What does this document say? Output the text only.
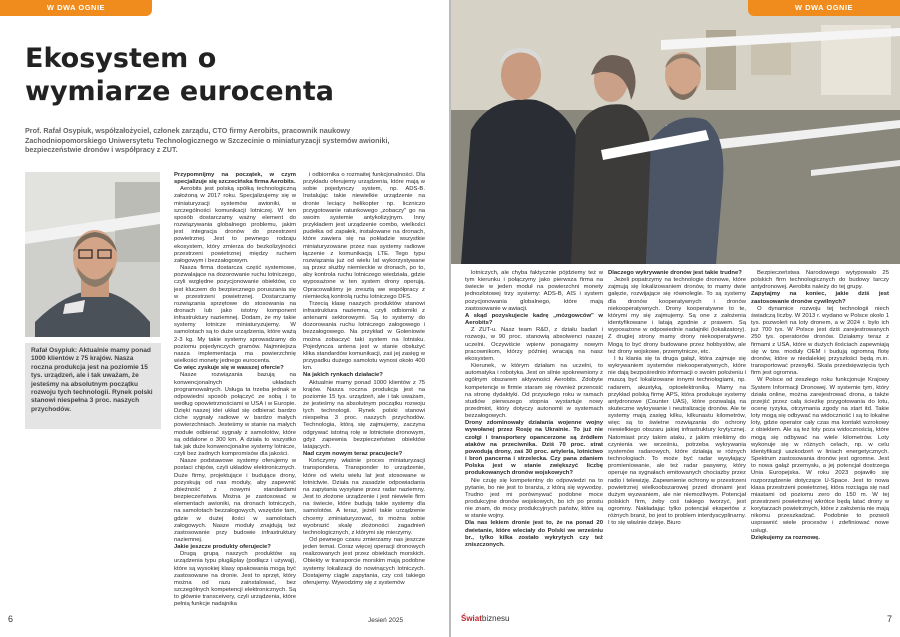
W DWA OGNIE
Ekosystem o wymiarze eurocenta
Prof. Rafał Osypiuk, współzałożyciel, członek zarządu, CTO firmy Aerobits, pracownik naukowy Zachodniopomorskiego Uniwersytetu Technologicznego w Szczecinie o miniaturyzacji systemów awioniki, bezpieczeństwie dronów i współpracy z ZUT.
Rafał Osypiuk: Aktualnie mamy ponad 1000 klientów z 75 krajów. Nasza roczna produkcja jest na poziomie 15 tys. urządzeń, ale i tak uważam, że jesteśmy na absolutnym początku rozwoju tych technologii. Rynek polski stanowi niespełna 3 proc. naszych przychodów.

Przypomnijmy na początek, w czym specjalizuje się szczecińska firma Aerobits.

Aerobits jest polską spółką technologiczną założoną w 2017 roku. Specjalizujemy się w miniaturyzacji systemów awioniki, w szczególności komunikacji lotniczej. W ten sposób dostarczamy ważny element do rozwiązywania globalnego problemu, jakim jest integracja dronów do przestrzeni powietrznej. Jest to pewnego rodzaju ekosystem, który zmierza do bezkolizyjności przestrzeni powietrznej między ruchem załogowym i bezzałogowym.

Nasza firma dostarcza część systemowe, pozwalające na dozorowanie ruchu lotniczego, czyli względne pozycjonowanie obiektów, co jest kluczem do bezpiecznego poruszania się w przestrzeni powietrznej. Dostarczamy rozwiązania sprzętowe do stosowania na dronach lub jako istotny komponent infrastruktury naziemnej. Dodam, że my takie systemy lotnicze miniaturyzujemy. W samolotach są to duże urządzenia, które ważą 2-3 kg. My takie systemy sprowadzamy do poziomu pojedynczych gramów. Najmniejsza nasza implementacja ma powierzchnię wielkości monety jednego eurocenta.

Co więc zyskuje się w wasszej ofercie?

Nasze rozwiązania bazują na konwencjonalnych układach programowalnych. Usługa ta trzeba jednak w odpowiedni sposób połączyć ze sobą i to według opowietrznościami w USA i w Europie. Dzięki naszej idei układ się odbierać bardzo ciche sygnały radiowe w bardzo małych powierzchniach. Jesteśmy w stanie na małych modułe odbierać sygnały z samolotów, które są oddalone o 300 km. A działa to wszystko tak jak duże konwencjonalne systemy lotnicze, czyli bez żadnych kompromisów dla jakości.

Nasze podstawowe systemy oferujemy w postaci chipów, czyli układów elektronicznych. Duże firmy, projektujące i budujące drony, pozyskują od nas moduły, aby zapewnić zbieżność z nowymi standardami bezpieczeństwa. Można je zastosować w elementach awioniki, na dronach lotniczych, na samolotach bezzałogowych, wszędzie tam, gdzie w dużej ilości w samolotach załogowych. Nasze moduły znajdują też zastosowanie przy budowie infrastruktury naziemnej.

Jakie jeszcze produkty oferujecie?

Drugą grupą naszych produktów są urządzenia typu plug&play (podłącz i używaj), które są wysokiej klasy opakowania mogą być zastosowane na dronie. Jest to sprzęt, który można od razu zainstalować, bez szczególnych kompetencji elektronicznych. Są to głównie transceivery, czyli urządzenia, które pełnią funkcje nadajnika

i odbiornika o rozmaitej funkcjonalności. Dla przykładu oferujemy urządzenia, które mają w sobie pojedynczy system, np. ADS-B. Instalując takie niewielkie urządzenie na dronie leciący helikopter np. liczniczo przygotowanie ratunkowego „zobaczy" go na swoim systemie antykolizyjnym. Inny przykładem jest urządzenie combo, wielkości pudełka od zapałek, instalowane na dronach, które zawiera się na pokładzie wszystkie miniaturyzowane przez nas systemy radiowe łączenie z komunikacją LTE. Tego typu rozwiązania już od wielu lat wykorzystywane są przez służby niemieckie w dronach, po to, aby kontrola ruchu lotniczego wiedziała, gdzie wyposażone w ten system drony operują. Opracowaliśmy je zresztą we współpracy z niemiecką kontrolą ruchu lotniczego DFS.

Trzecią klasę naszych produktów stanowi infrastruktura naziemna, czyli odbiorniki z antenami sektorowymi. Są to systemy do dozorowania ruchu lotniczego załogowego i bezzałogowego. Na przykład w Goleniowie można zobaczyć taki system na lotnisku. Pojedyncza antena jest w stanie obsłużyć klika standardów komunikacji, zaś jej zasięg w przypadku dużego samolotu wynosi około 400 km.

Na jakich rynkach działacie?

Aktualnie mamy ponad 1000 klientów z 75 krajów. Nasza roczna produkcja jest na poziomie 15 tys. urządzeń, ale i tak uważam, że jesteśmy na absolutnym początku rozwoju tych technologii. Rynek polski stanowi niespełna 3 proc. naszych przychodów. Technologia, którą się zajmujemy, zaczyna odgrywać istotną rolę w lotnictwie dronowym, gdyż zapewnia bezpieczeństwo obiektów latających.

Nad czym nowym teraz pracujecie?

Kończymy właśnie proces miniaturyzacji transpondera. Transponder to urządzenie, które od wielu wielu lat jest stosowane w lotnictwie. Działa na zasadzie odpowiadania na zapytania wysyłane przez radar naziemny. Jest to złożone urządzenie i jest niewiele firm na świecie, które budują takie systemy dla samolotów. A teraz, jeżeli takie urządzenie chcemy zminiaturyzować, to można sobie wyobrazić skalę złożoności zagadnień technologicznych, z którymi się mierzymy.

Od pewnego czasu zmierzamy nas jeszcze jeden temat. Coraz więcej operacji dronowych realizowanych jest przez obiektach morskich. Obiekty w transporcie morskim mają podobne systemy lokalizacji do nowinących lotniczych. Dostajemy ciągle zapytania, czy coś takiego oferujemy. Wywodzimy się z systemów

6	Jesień 2025
W DWA OGNIE

lotniczych, ale chyba faktycznie pójdziemy też w tym kierunku i połączymy jako pierwsza firma na świecie w jeden moduł na powierzchni monety jednozłotowej trzy systemy: ADS-B, AIS i system pozycjonowania globalnego, które mają zastosowanie w awiacji.

A skąd pozyskujecie kadrę „mózgowców" w Aerobits?

Z ZUT-u. Nasz team R&D, z działu badań i rozwoju, w 90 proc. stanowią absolwenci naszej uczelni. Oczywiście wpierw ponagamy nowym pracownikom, którzy później wracają na nasz ekosystem.

Kierunek, w którym działam na uczelni, to automatyka i robotyka. Jest on silnie spokrewniony z ogólnym obszarem aktywności Aerobits. Zdobyte kompetencje w firmie staram się również przenosić na stronę dydaktyki. Od przyszłego roku w ramach studiów pierwszego stopnia wystartuje nowy przedmiot, który dotyczy autonomii w systemach bezzałogowych.

Drony zdominowały działania wojenne wojny wywołanej przez Rosję na Ukrainie. To już nie czołgi i transportery opancerzone są źródłem ataków na przeciwnika. Dziś 70 proc. strat powodują drony, zaś 30 proc. artyleria, lotnictwo i broń pancerna i strzelecka. Czy pana zdaniem Polska jest w stanie zwiększyć liczbę produkowanych dronów wojskowych?

Nie czuję się kompetentny do odpowiedzi na to pytanie, bo nie jest to branża, z którą się wywodzę. Trudno jest mi porównywać podobne moce produkcyjne dronów wojskowych, bo ich po prostu nie znam, do mocy produkcyjnych państw, które są w stanie wojny.

Dla nas lekiem dronie jest to, że na ponad 20 dwietanie, które wleciały do Polski we wrześniu br., tylko kilka zostało wykrytych czy też zniszczonych.

Dlaczego wykrywanie dronów jest takie trudne?

Jeżeli popatrzymy na technologie dronowe, które zajmują się lokalizowaniem dronów, to mamy dwie gałęzie, rozwijające się równolegle. To są systemy dla dronów kooperatywnych i dronów niekooperatywnych. Drony kooperatywne to te, którymi my się zajmujemy. Są one z założenia identyfikowane i latają zgodnie z prawem. Są wyposażone w odpowiednie nadajniki (lokalizatory). Z drugiej strony mamy drony niekooperatywne. Mogą to być drony budowane przez hobbystów, ale też drony wojskowe, przemytnicze, etc.

I tu klania się ta druga gałąź, która zajmuje się wykrywaniem systemów niekooperatywnych, które nie dają bezpośrednio informacji o swoim położeniu i muszą być lokalizowane innymi technologiami, np. radarem, akustyką, optoelektroniką. Mamy na przykład polską firmę APS, która produkuje systemy antydronowe (Counter UAS), które pozwalają na skuteczne wykrywanie i neutralizację dronów. Ale te systemy mają zasięg kilku, kilkunastu kilometrów, więc są to świetne rozwiązania do ochrony niewielkiego obszaru jakiej infrastruktury krytycznej. Natomiast przy takim ataku, z jakim mieliśmy do czynienia we wrześniu, potrzeba wykrywania systemów radarowych, które działają w różnych technologiach. To może być radar wysyłający promieniowanie, ale też radar pasywny, który operuje na sygnałach emitowanych chociażby przez radio i telewizję. Zapewnienie ochrony w przestrzeni powietrznej wielkoobszarowej przed dronami jest dużym wyzwaniem, ale nie niemożliwym. Potencjał polskich firm, żeby coś takiego tworzyć, jest ogromny. Nakładając tylko potencjał ekspertów z różnych branż, bo jest to problem interdyscyplinarny. I to się właśnie dzieje. Biuro

Bezpieczeństwa Narodowego wytypowało 25 polskich firm technologicznych do budowy tarczy antydronowej. Aerobits należy do tej grupy.

Zapytajmy na koniec, jakie dziś jest zastosowanie dronów cywilnych?

O dynamice rozwoju tej technologii niech świadczą liczby. W 2013 r. wydano w Polsce około 1 tys. pozwoleń na loty dronem, a w 2024 r. było ich już 700 tys. W Polsce jest dziś zarejestrowanych 250 tys. operatorów dronów. Działamy teraz z firmami z USA, które w dużych ilościach zapewniają się w tzw. moduły OEM i budują ogromną flotę dronów, które w niedalekiej przyszłości będą m.in. transportować przesyłki. Skala przedsięwzięcia tych firm jest ogromna.

W Polsce od zeszłego roku funkcjonuje Krajowy System Informacji Dronowej. W systemie tym, który działa online, można zarejestrować drona, a także przejść przez całą ścieżkę przygotowania do lotu, ocenę ryzyka, otrzymania zgody na start itd. Takie loty mogą się odbywać na widoczność i są to lokalne loty, gdzie operator cały czas ma kontakt wzrokowy z obiektem. Ale są też loty poza widocznością, które mogą się odbywać na wiele kilometrów. Loty wykonuje się w różnych celach, np. w celu identyfikacji uszkodzeń w liniach energetycznych. Spektrum zastosowania dronów jest ogromne. Jest to nowa gałąź przemysłu, a jej potencjał dostrzega Unia Europejska. W roku 2023 pojawiło się rozporządzenie dotyczące U-Space. Jest to nowa klasa przestrzeni powietrznej, która rozciąga się nad miastami od poziomu zero do 150 m. W tej przestrzeni powietrznej wkrótce będą latać drony w korytarzach powietrznych, które z założenia nie mają nikomu przeszkadzać. Podobnie to pozwoli usprawnić wiele procesów i zdefiniować nowe usługi.

Dziękujemy za rozmowę.

Światbiznesu	7
